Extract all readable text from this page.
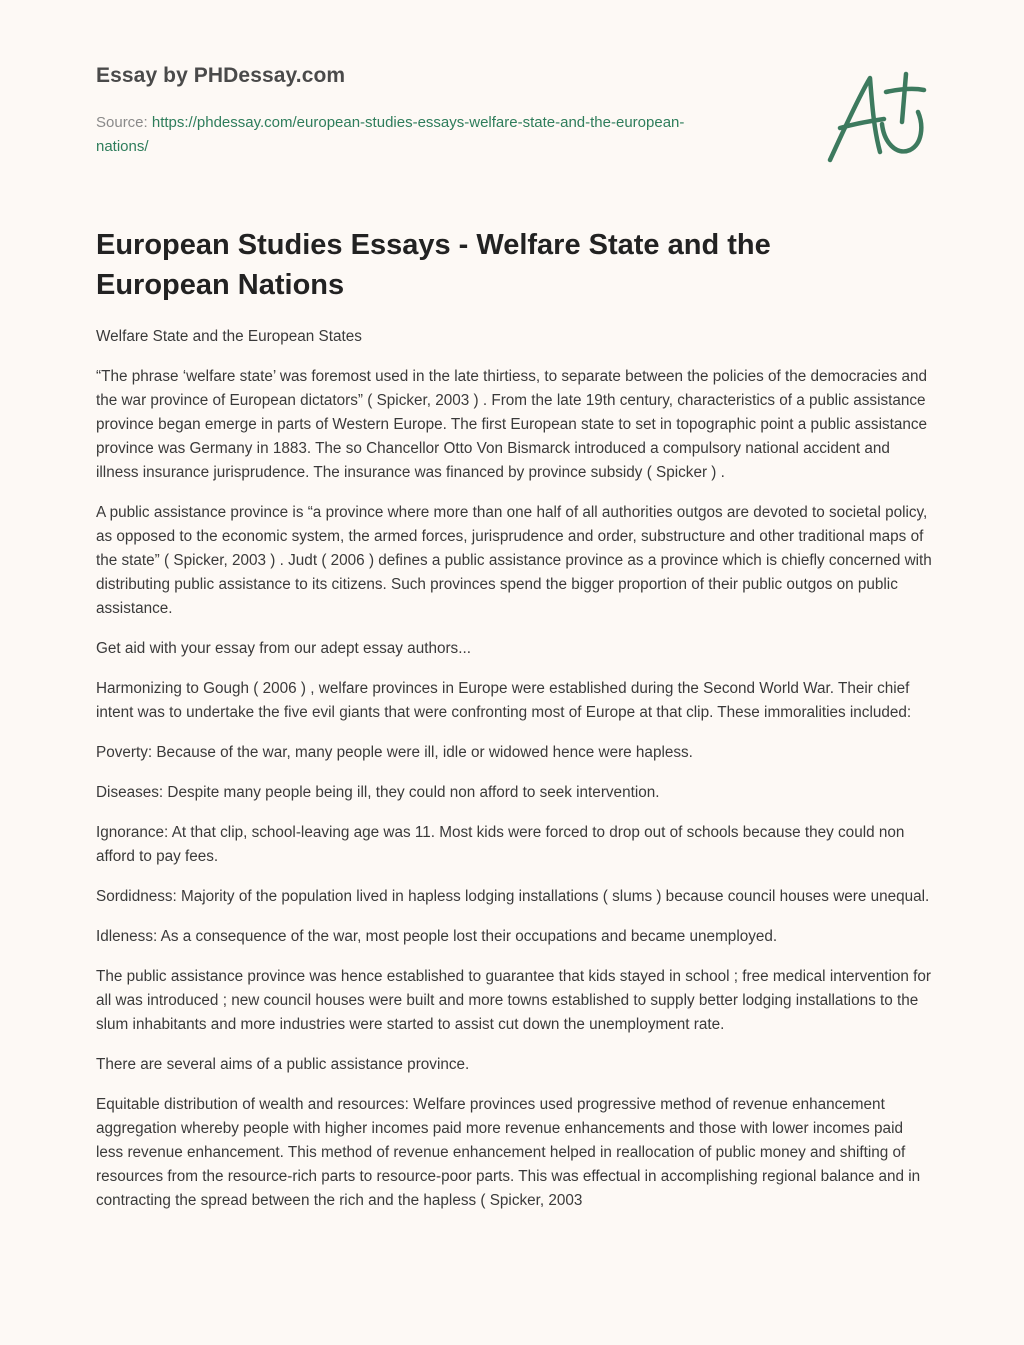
Essay by PHDessay.com
Source: https://phdessay.com/european-studies-essays-welfare-state-and-the-european-nations/
European Studies Essays - Welfare State and the European Nations

Welfare State and the European States

“The phrase ‘welfare state’ was foremost used in the late thirtiess, to separate between the policies of the democracies and the war province of European dictators” ( Spicker, 2003 ) . From the late 19th century, characteristics of a public assistance province began emerge in parts of Western Europe. The first European state to set in topographic point a public assistance province was Germany in 1883. The so Chancellor Otto Von Bismarck introduced a compulsory national accident and illness insurance jurisprudence. The insurance was financed by province subsidy ( Spicker ) .

A public assistance province is “a province where more than one half of all authorities outgos are devoted to societal policy, as opposed to the economic system, the armed forces, jurisprudence and order, substructure and other traditional maps of the state” ( Spicker, 2003 ) . Judt ( 2006 ) defines a public assistance province as a province which is chiefly concerned with distributing public assistance to its citizens. Such provinces spend the bigger proportion of their public outgos on public assistance.

Get aid with your essay from our adept essay authors...

Harmonizing to Gough ( 2006 ) , welfare provinces in Europe were established during the Second World War. Their chief intent was to undertake the five evil giants that were confronting most of Europe at that clip. These immoralities included:

Poverty: Because of the war, many people were ill, idle or widowed hence were hapless.

Diseases: Despite many people being ill, they could non afford to seek intervention.

Ignorance: At that clip, school-leaving age was 11. Most kids were forced to drop out of schools because they could non afford to pay fees.

Sordidness: Majority of the population lived in hapless lodging installations ( slums ) because council houses were unequal.

Idleness: As a consequence of the war, most people lost their occupations and became unemployed.

The public assistance province was hence established to guarantee that kids stayed in school ; free medical intervention for all was introduced ; new council houses were built and more towns established to supply better lodging installations to the slum inhabitants and more industries were started to assist cut down the unemployment rate.

There are several aims of a public assistance province.

Equitable distribution of wealth and resources: Welfare provinces used progressive method of revenue enhancement aggregation whereby people with higher incomes paid more revenue enhancements and those with lower incomes paid less revenue enhancement. This method of revenue enhancement helped in reallocation of public money and shifting of resources from the resource-rich parts to resource-poor parts. This was effectual in accomplishing regional balance and in contracting the spread between the rich and the hapless ( Spicker, 2003
